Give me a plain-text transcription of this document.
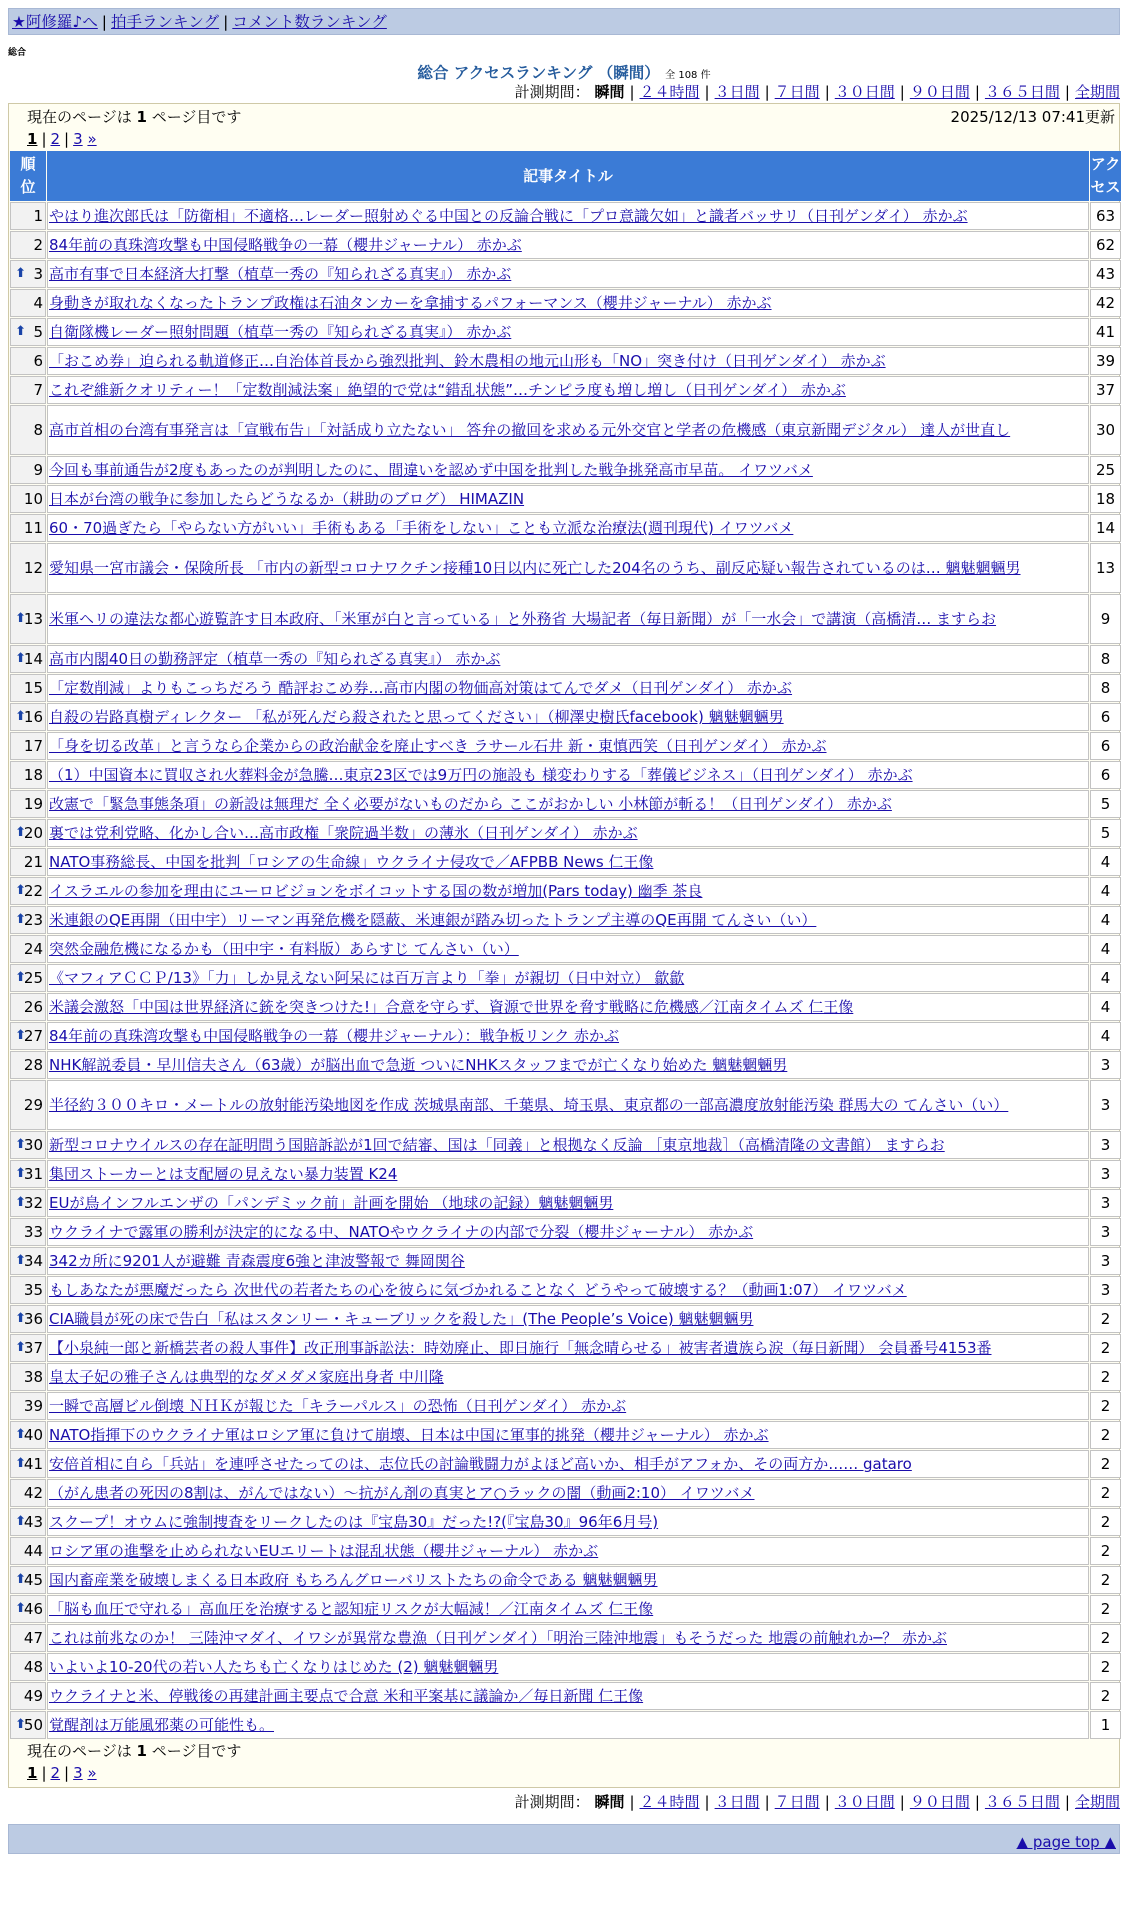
★阿修羅♪へ | 拍手ランキング | コメント数ランキング
総合
総合 アクセスランキング （瞬間） 全 108 件
計測期間： 瞬間 | ２４時間 | ３日間 | ７日間 | ３０日間 | ９０日間 | ３６５日間 | 全期間
現在のページは 1 ページ目です	2025/12/13 07:41更新
1 | 2 | 3 »
順
位	記事タイトル	アク
セス
1	やはり進次郎氏は「防衛相」不適格…レーダー照射めぐる中国との反論合戦に「プロ意識欠如」と識者バッサリ（日刊ゲンダイ） 赤かぶ	63
2	84年前の真珠湾攻撃も中国侵略戦争の一幕（櫻井ジャーナル） 赤かぶ	62

⬆ 3	高市有事で日本経済大打撃（植草一秀の『知られざる真実』） 赤かぶ	43
4	身動きが取れなくなったトランプ政権は石油タンカーを拿捕するパフォーマンス（櫻井ジャーナル） 赤かぶ	42

⬆ 5	自衛隊機レーダー照射問題（植草一秀の『知られざる真実』） 赤かぶ	41
6	「おこめ券」迫られる軌道修正…自治体首長から強烈批判、鈴木農相の地元山形も「NO」突き付け（日刊ゲンダイ） 赤かぶ	39
7	これぞ維新クオリティー！「定数削減法案」絶望的で党は“錯乱状態”…チンピラ度も増し増し（日刊ゲンダイ） 赤かぶ	37
8	高市首相の台湾有事発言は「宣戦布告」「対話成り立たない」 答弁の撤回を求める元外交官と学者の危機感（東京新聞デジタル） 達人が世直し	30
9	今回も事前通告が2度もあったのが判明したのに、間違いを認めず中国を批判した戦争挑発高市早苗。 イワツバメ	25
10	日本が台湾の戦争に参加したらどうなるか（耕助のブログ） HIMAZIN	18
11	60・70過ぎたら「やらない方がいい」手術もある「手術をしない」ことも立派な治療法(週刊現代) イワツバメ	14
12	愛知県一宮市議会・保険所長 「市内の新型コロナワクチン接種10日以内に死亡した204名のうち、副反応疑い報告されているのは… 魑魅魍魎男	13

⬆
13	米軍ヘリの違法な都心遊覧許す日本政府、「米軍が白と言っている」と外務省 大場記者（毎日新聞）が「一水会」で講演（高橋清… ますらお	9

⬆
14	高市内閣40日の勤務評定（植草一秀の『知られざる真実』） 赤かぶ	8
15	「定数削減」よりもこっちだろう 酷評おこめ券…高市内閣の物価高対策はてんでダメ（日刊ゲンダイ） 赤かぶ	8

⬆
16	自殺の岩路真樹ディレクター 「私が死んだら殺されたと思ってください」（柳澤史樹氏facebook) 魑魅魍魎男	6
17	「身を切る改革」と言うなら企業からの政治献金を廃止すべき ラサール石井 新・東慎西笑（日刊ゲンダイ） 赤かぶ	6
18	（1）中国資本に買収され火葬料金が急騰…東京23区では9万円の施設も 様変わりする「葬儀ビジネス」（日刊ゲンダイ） 赤かぶ	6
19	改憲で「緊急事態条項」の新設は無理だ 全く必要がないものだから ここがおかしい 小林節が斬る！（日刊ゲンダイ） 赤かぶ	5

⬆
20	裏では党利党略、化かし合い…高市政権「衆院過半数」の薄氷（日刊ゲンダイ） 赤かぶ	5
21	NATO事務総長、中国を批判「ロシアの生命線」ウクライナ侵攻で／AFPBB News 仁王像	4

⬆
22	イスラエルの参加を理由にユーロビジョンをボイコットする国の数が増加(Pars today) 幽季 茶良	4

⬆
23	米連銀のQE再開（田中宇）リーマン再発危機を隠蔽、米連銀が踏み切ったトランプ主導のQE再開 てんさい（い）	4
24	突然金融危機になるかも（田中宇・有料版）あらすじ てんさい（い）	4

⬆
25	《マフィアＣＣＰ/13》「力」しか見えない阿呆には百万言より「拳」が親切（日中対立） 歙歙	4
26	米議会激怒「中国は世界経済に銃を突きつけた!」合意を守らず、資源で世界を脅す戦略に危機感／江南タイムズ 仁王像	4

⬆
27	84年前の真珠湾攻撃も中国侵略戦争の一幕（櫻井ジャーナル）：戦争板リンク 赤かぶ	4
28	NHK解説委員・早川信夫さん（63歳）が脳出血で急逝 ついにNHKスタッフまでが亡くなり始めた 魑魅魍魎男	3
29	半径約３００キロ・メートルの放射能汚染地図を作成 茨城県南部、千葉県、埼玉県、東京都の一部高濃度放射能汚染 群馬大の てんさい（い）	3

⬆
30	新型コロナウイルスの存在証明問う国賠訴訟が1回で結審、国は「同義」と根拠なく反論 ［東京地裁］（高橋清隆の文書館） ますらお	3

⬆
31	集団ストーカーとは支配層の見えない暴力装置 K24	3

⬆
32	EUが鳥インフルエンザの「パンデミック前」計画を開始 （地球の記録）魑魅魍魎男	3
33	ウクライナで露軍の勝利が決定的になる中、NATOやウクライナの内部で分裂（櫻井ジャーナル） 赤かぶ	3

⬆
34	342カ所に9201人が避難 青森震度6強と津波警報で 舞岡関谷	3
35	もしあなたが悪魔だったら 次世代の若者たちの心を彼らに気づかれることなく どうやって破壊する？（動画1:07） イワツバメ	3

⬆
36	CIA職員が死の床で告白「私はスタンリー・キューブリックを殺した」(The People’s Voice) 魑魅魍魎男	2

⬆
37	【小泉純一郎と新橋芸者の殺人事件】改正刑事訴訟法：時効廃止、即日施行「無念晴らせる」被害者遺族ら涙（毎日新聞） 会員番号4153番	2
38	皇太子妃の雅子さんは典型的なダメダメ家庭出身者 中川隆	2
39	一瞬で高層ビル倒壊 ＮＨＫが報じた「キラーパルス」の恐怖（日刊ゲンダイ） 赤かぶ	2

⬆
40	NATO指揮下のウクライナ軍はロシア軍に負けて崩壊、日本は中国に軍事的挑発（櫻井ジャーナル） 赤かぶ	2

⬆
41	安倍首相に自ら「兵站」を連呼させたってのは、志位氏の討論戦闘力がよほど高いか、相手がアフォか、その両方か…… gataro	2
42	（がん患者の死因の8割は、がんではない）〜抗がん剤の真実とア○ラックの闇（動画2:10） イワツバメ	2

⬆
43	スクープ！オウムに強制捜査をリークしたのは『宝島30』だった!?(『宝島30』96年6月号)	2
44	ロシア軍の進撃を止められないEUエリートは混乱状態（櫻井ジャーナル） 赤かぶ	2

⬆
45	国内畜産業を破壊しまくる日本政府 もちろんグローバリストたちの命令である 魑魅魍魎男	2

⬆
46	「脳も血圧で守れる」高血圧を治療すると認知症リスクが大幅減！／江南タイムズ 仁王像	2
47	これは前兆なのか！ 三陸沖マダイ、イワシが異常な豊漁（日刊ゲンダイ）「明治三陸沖地震」もそうだった 地震の前触れか─？ 赤かぶ	2
48	いよいよ10-20代の若い人たちも亡くなりはじめた (2) 魑魅魍魎男	2
49	ウクライナと米、停戦後の再建計画主要点で合意 米和平案基に議論か／毎日新聞 仁王像	2

⬆
50	覚醒剤は万能風邪薬の可能性も。	1
現在のページは 1 ページ目です
1 | 2 | 3 »
計測期間： 瞬間 | ２４時間 | ３日間 | ７日間 | ３０日間 | ９０日間 | ３６５日間 | 全期間
▲ page top ▲
